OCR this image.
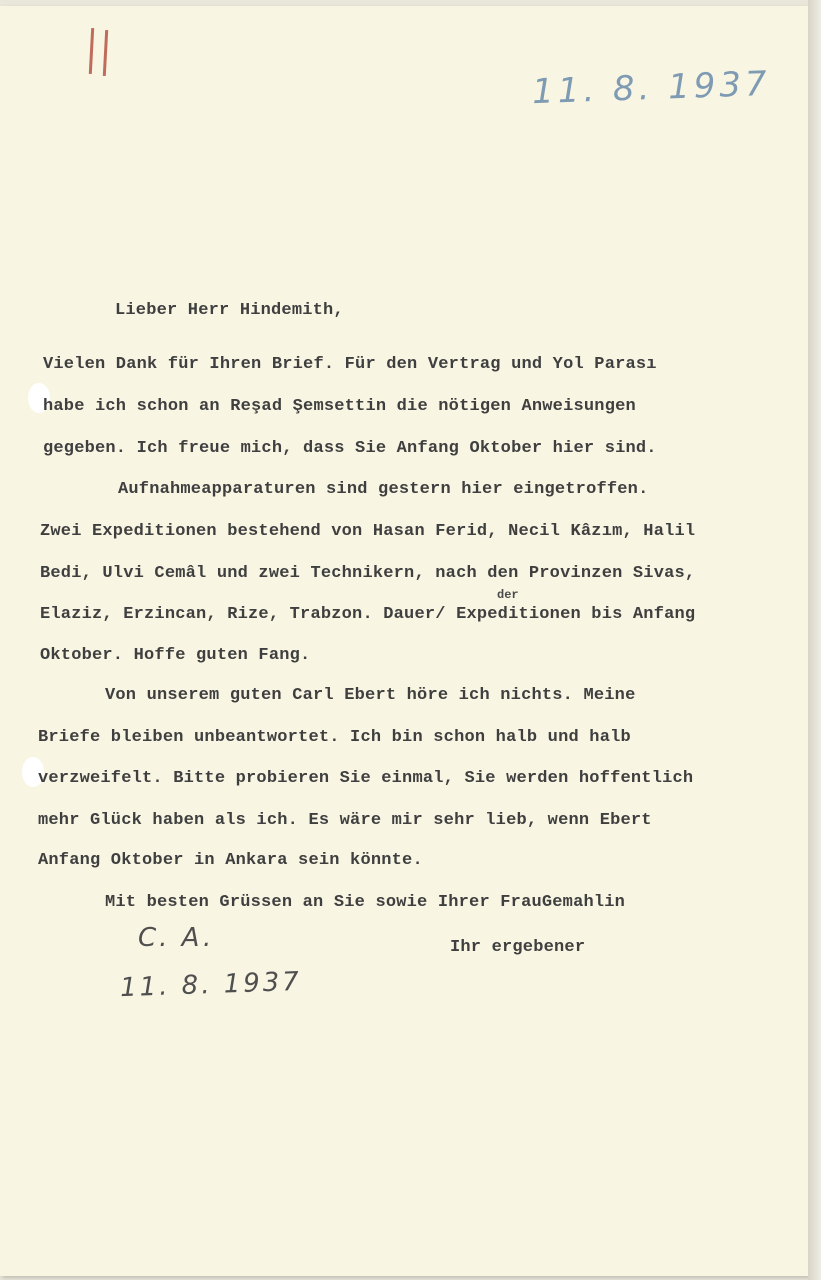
11. 8. 1937

Lieber Herr Hindemith,

Vielen Dank für Ihren Brief. Für den Vertrag und Yol Parası

habe ich schon an Reşad Şemsettin die nötigen Anweisungen

gegeben. Ich freue mich, dass Sie Anfang Oktober hier sind.

Aufnahmeapparaturen sind gestern hier eingetroffen.

Zwei Expeditionen bestehend von Hasan Ferid, Necil Kâzım, Halil

Bedi, Ulvi Cemâl und zwei Technikern, nach den Provinzen Sivas,

der

Elaziz, Erzincan, Rize, Trabzon. Dauer/ Expeditionen bis Anfang

Oktober. Hoffe guten Fang.

Von unserem guten Carl Ebert höre ich nichts. Meine

Briefe bleiben unbeantwortet. Ich bin schon halb und halb

verzweifelt. Bitte probieren Sie einmal, Sie werden hoffentlich

mehr Glück haben als ich. Es wäre mir sehr lieb, wenn Ebert

Anfang Oktober in Ankara sein könnte.

Mit besten Grüssen an Sie sowie Ihrer FrauGemahlin

C. A.	Ihr ergebener

11. 8. 1937
